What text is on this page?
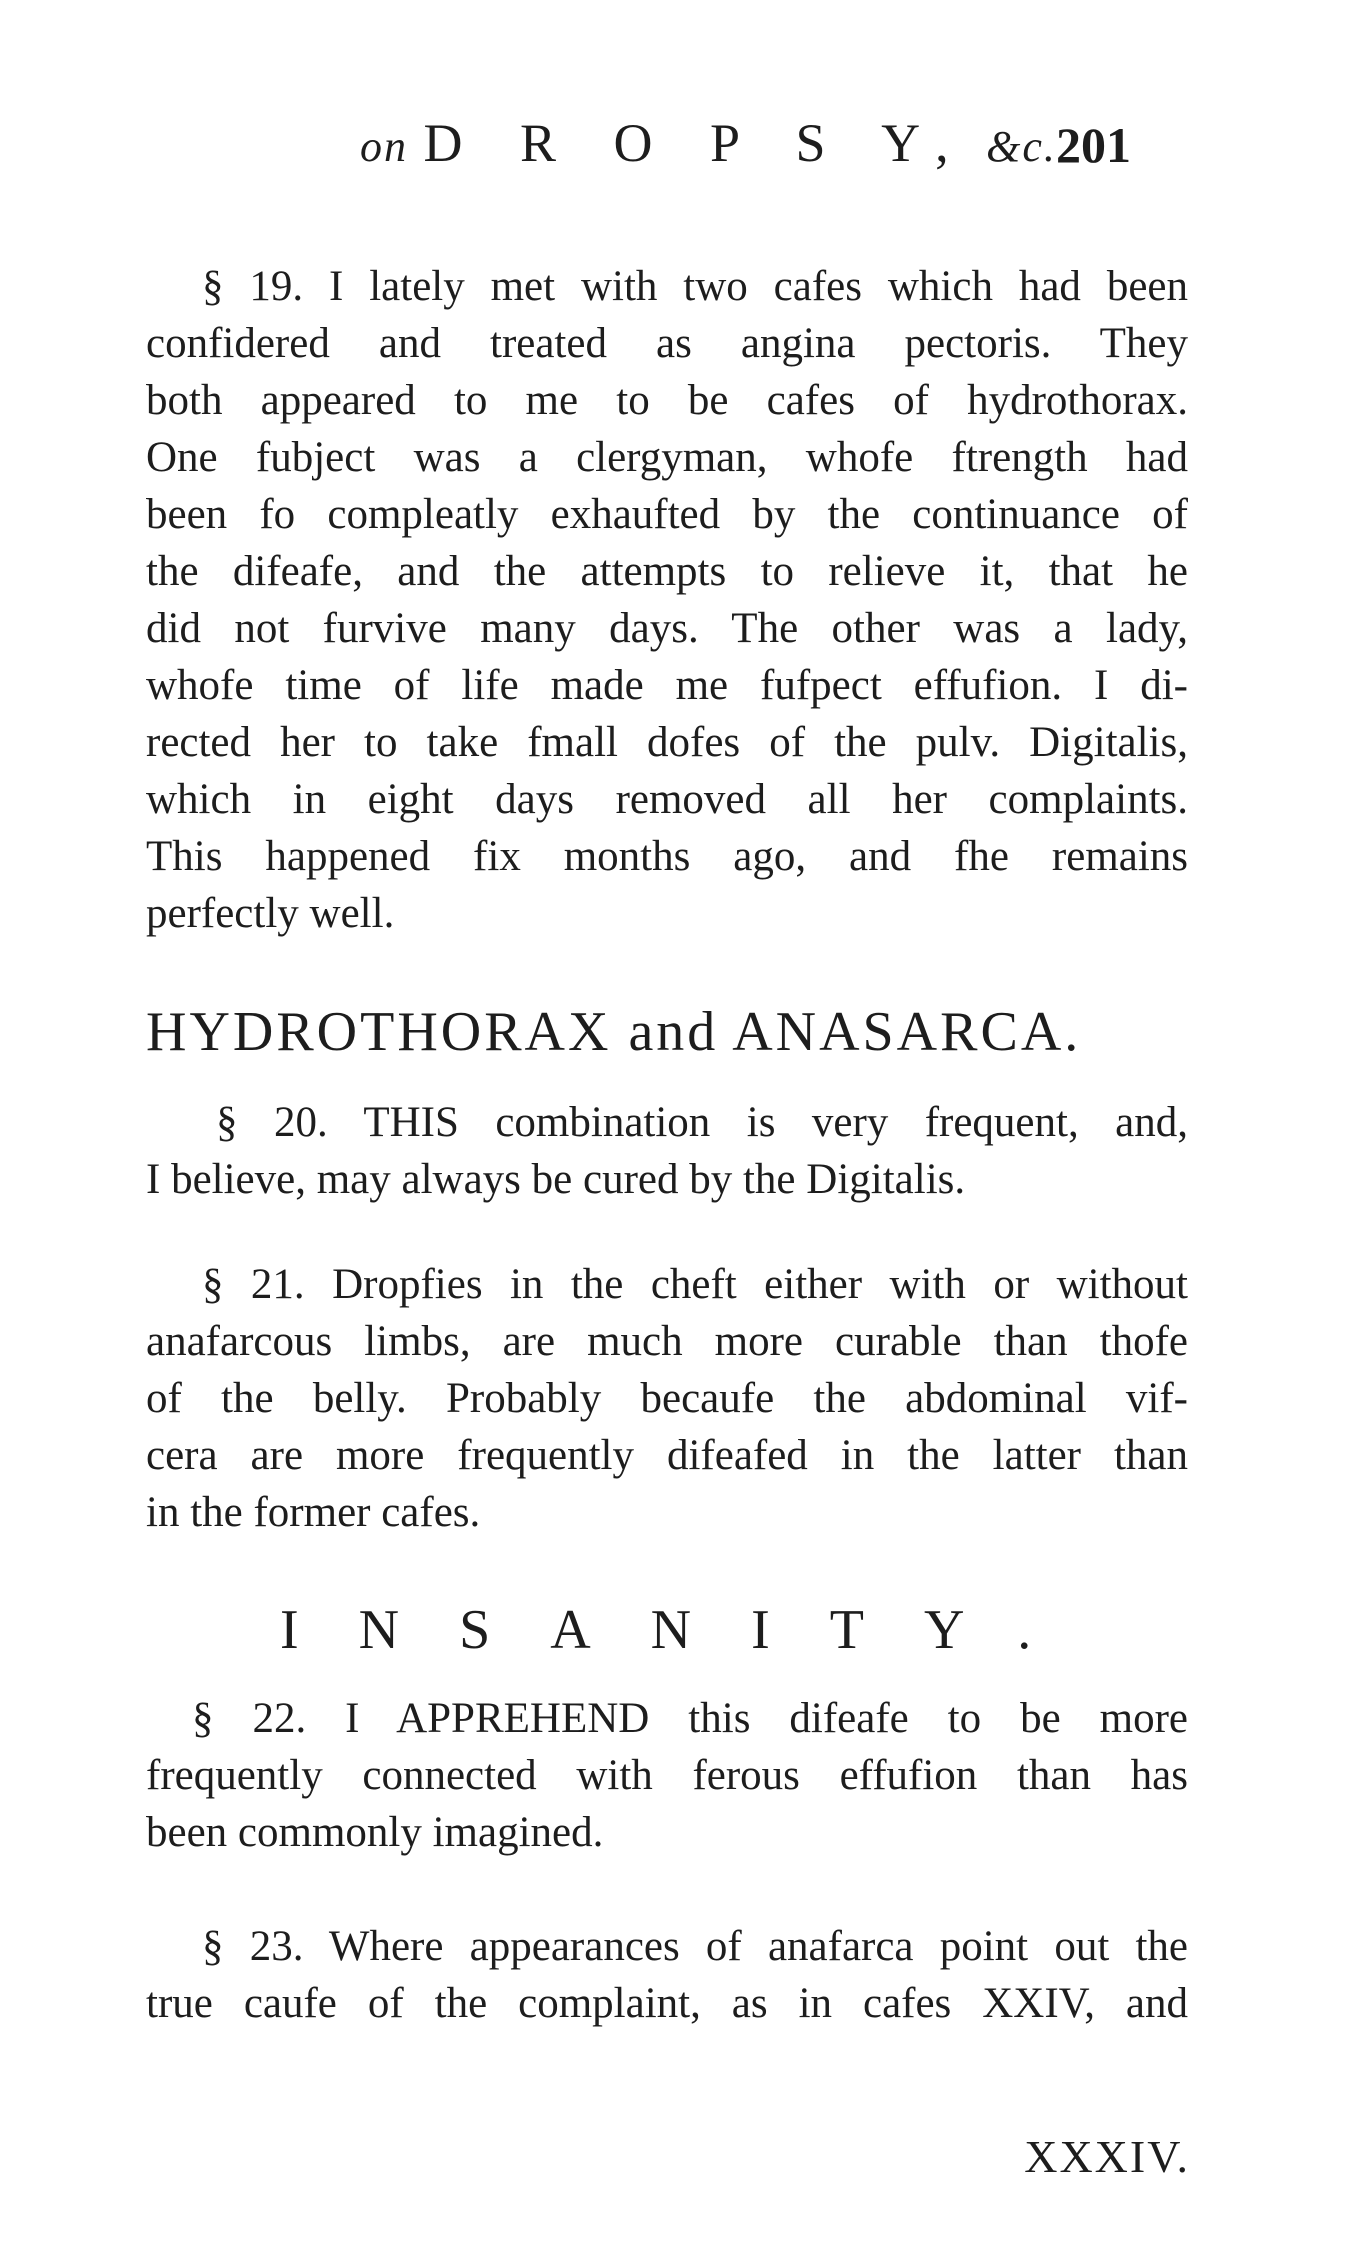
on D R O P S Y, &c. 201
§ 19. I lately met with two cafes which had been
confidered and treated as angina pectoris. They
both appeared to me to be cafes of hydrothorax.
One fubject was a clergyman, whofe ftrength had
been fo compleatly exhaufted by the continuance of
the difeafe, and the attempts to relieve it, that he
did not furvive many days. The other was a lady,
whofe time of life made me fufpect effufion. I di-
rected her to take fmall dofes of the pulv. Digitalis,
which in eight days removed all her complaints.
This happened fix months ago, and fhe remains
perfectly well.
HYDROTHORAX and ANASARCA.
§ 20. THIS combination is very frequent, and,
I believe, may always be cured by the Digitalis.
§ 21. Dropfies in the cheft either with or without
anafarcous limbs, are much more curable than thofe
of the belly. Probably becaufe the abdominal vif-
cera are more frequently difeafed in the latter than
in the former cafes.
INSANITY.
§ 22. I APPREHEND this difeafe to be more
frequently connected with ferous effufion than has
been commonly imagined.
§ 23. Where appearances of anafarca point out the
true caufe of the complaint, as in cafes XXIV, and
XXXIV.
